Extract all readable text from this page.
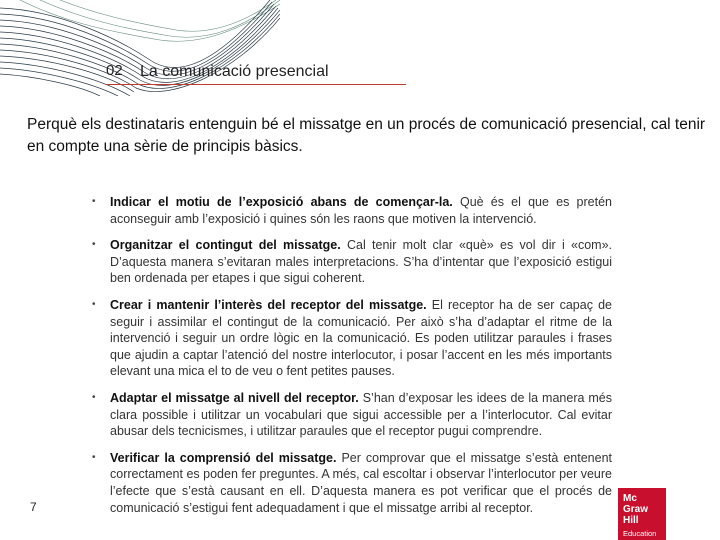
02 La comunicació presencial
Perquè els destinataris entenguin bé el missatge en un procés de comunicació presencial, cal tenir en compte una sèrie de principis bàsics.
• Indicar el motiu de l’exposició abans de començar-la. Què és el que es pretén aconseguir amb l’exposició i quines són les raons que motiven la intervenció.
• Organitzar el contingut del missatge. Cal tenir molt clar «què» es vol dir i «com». D’aquesta manera s’evitaran males interpretacions. S’ha d’intentar que l’exposició estigui ben ordenada per etapes i que sigui coherent.
• Crear i mantenir l’interès del receptor del missatge. El receptor ha de ser capaç de seguir i assimilar el contingut de la comunicació. Per això s’ha d’adaptar el ritme de la intervenció i seguir un ordre lògic en la comunicació. Es poden utilitzar paraules i frases que ajudin a captar l’atenció del nostre interlocutor, i posar l’accent en les més importants elevant una mica el to de veu o fent petites pauses.
• Adaptar el missatge al nivell del receptor. S’han d’exposar les idees de la manera més clara possible i utilitzar un vocabulari que sigui accessible per a l’interlocutor. Cal evitar abusar dels tecnicismes, i utilitzar paraules que el receptor pugui comprendre.
• Verificar la comprensió del missatge. Per comprovar que el missatge s’està entenent correctament es poden fer preguntes. A més, cal escoltar i observar l’interlocutor per veure l’efecte que s’està causant en ell. D’aquesta manera es pot verificar que el procés de comunicació s’estigui fent adequadament i que el missatge arribi al receptor.
7
Mc
Graw
Hill
Education
